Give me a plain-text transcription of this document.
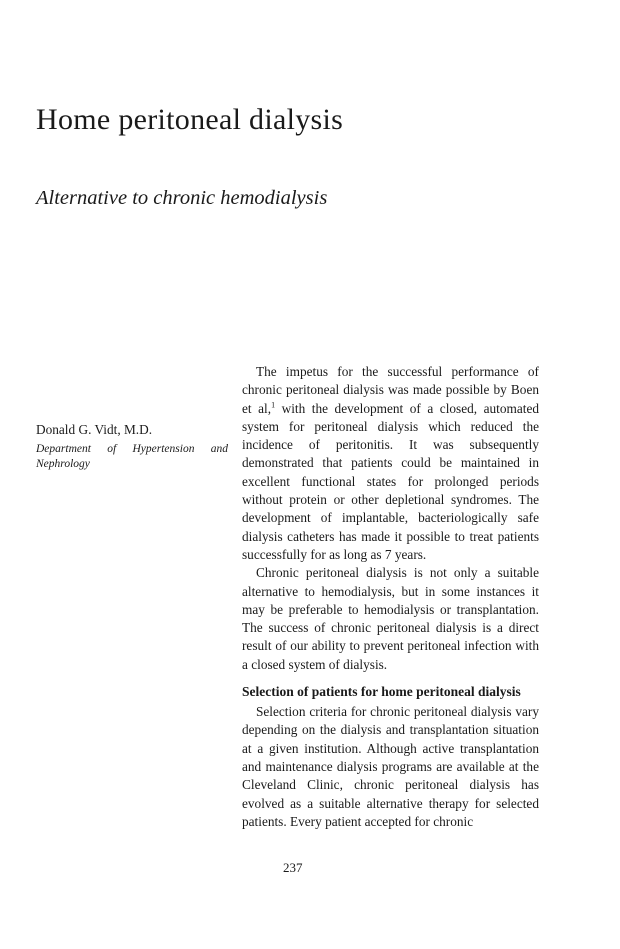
Home peritoneal dialysis
Alternative to chronic hemodialysis

Donald G. Vidt, M.D.

Department of Hypertension and Nephrology

The impetus for the successful performance of chronic peritoneal dialysis was made possible by Boen et al,$^1$ with the development of a closed, automated system for peritoneal dialysis which reduced the incidence of peritonitis. It was subsequently demonstrated that patients could be maintained in excellent functional states for prolonged periods without protein or other depletional syndromes. The development of implantable, bacteriologically safe dialysis catheters has made it possible to treat patients successfully for as long as 7 years.

Chronic peritoneal dialysis is not only a suitable alternative to hemodialysis, but in some instances it may be preferable to hemodialysis or transplantation. The success of chronic peritoneal dialysis is a direct result of our ability to prevent peritoneal infection with a closed system of dialysis.

Selection of patients for home peritoneal dialysis

Selection criteria for chronic peritoneal dialysis vary depending on the dialysis and transplantation situation at a given institution. Although active transplantation and maintenance dialysis programs are available at the Cleveland Clinic, chronic peritoneal dialysis has evolved as a suitable alternative therapy for selected patients. Every patient accepted for chronic

237
